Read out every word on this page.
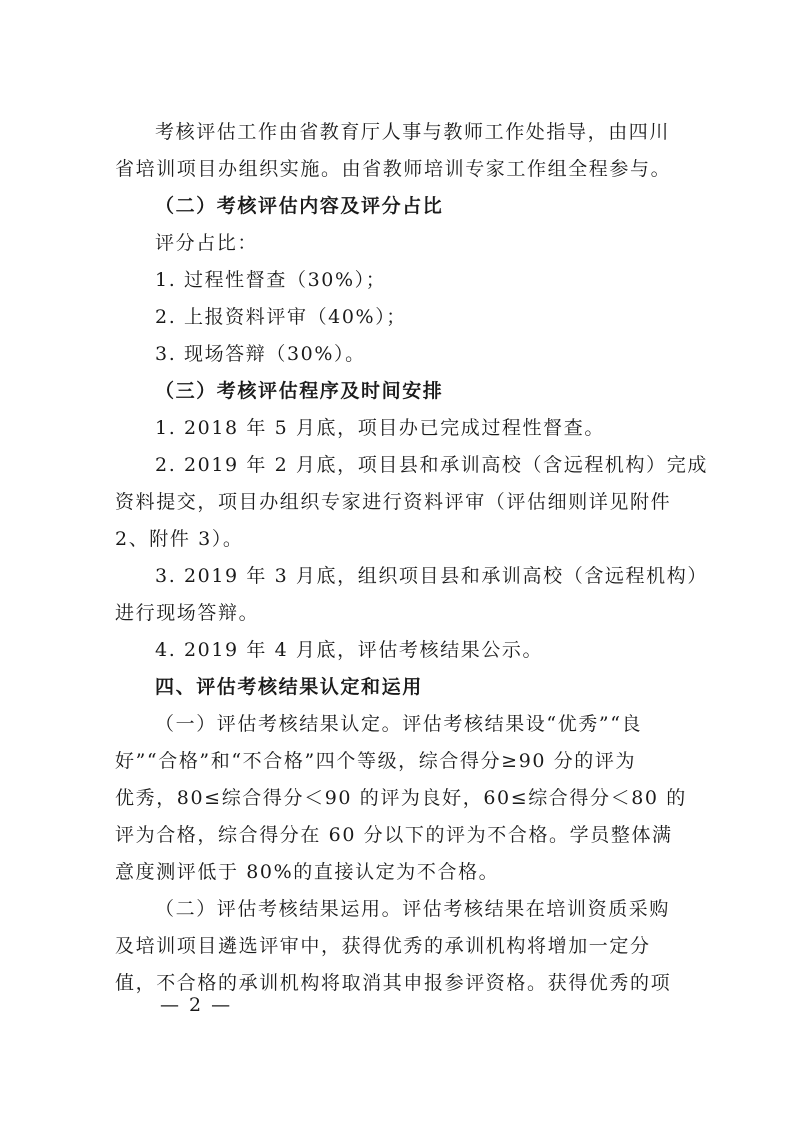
考核评估工作由省教育厅人事与教师工作处指导，由四川
省培训项目办组织实施。由省教师培训专家工作组全程参与。
（二）考核评估内容及评分占比
评分占比：
1. 过程性督查（30%）；
2. 上报资料评审（40%）；
3. 现场答辩（30%）。
（三）考核评估程序及时间安排
1. 2018 年 5 月底，项目办已完成过程性督查。
2. 2019 年 2 月底，项目县和承训高校（含远程机构）完成
资料提交，项目办组织专家进行资料评审（评估细则详见附件
2、附件 3）。
3. 2019 年 3 月底，组织项目县和承训高校（含远程机构）
进行现场答辩。
4. 2019 年 4 月底，评估考核结果公示。
四、评估考核结果认定和运用
（一）评估考核结果认定。评估考核结果设“优秀”“良
好”“合格”和“不合格”四个等级，综合得分≥90 分的评为
优秀，80≤综合得分＜90 的评为良好，60≤综合得分＜80 的
评为合格，综合得分在 60 分以下的评为不合格。学员整体满
意度测评低于 80%的直接认定为不合格。
（二）评估考核结果运用。评估考核结果在培训资质采购
及培训项目遴选评审中，获得优秀的承训机构将增加一定分
值，不合格的承训机构将取消其申报参评资格。获得优秀的项
— 2 —
